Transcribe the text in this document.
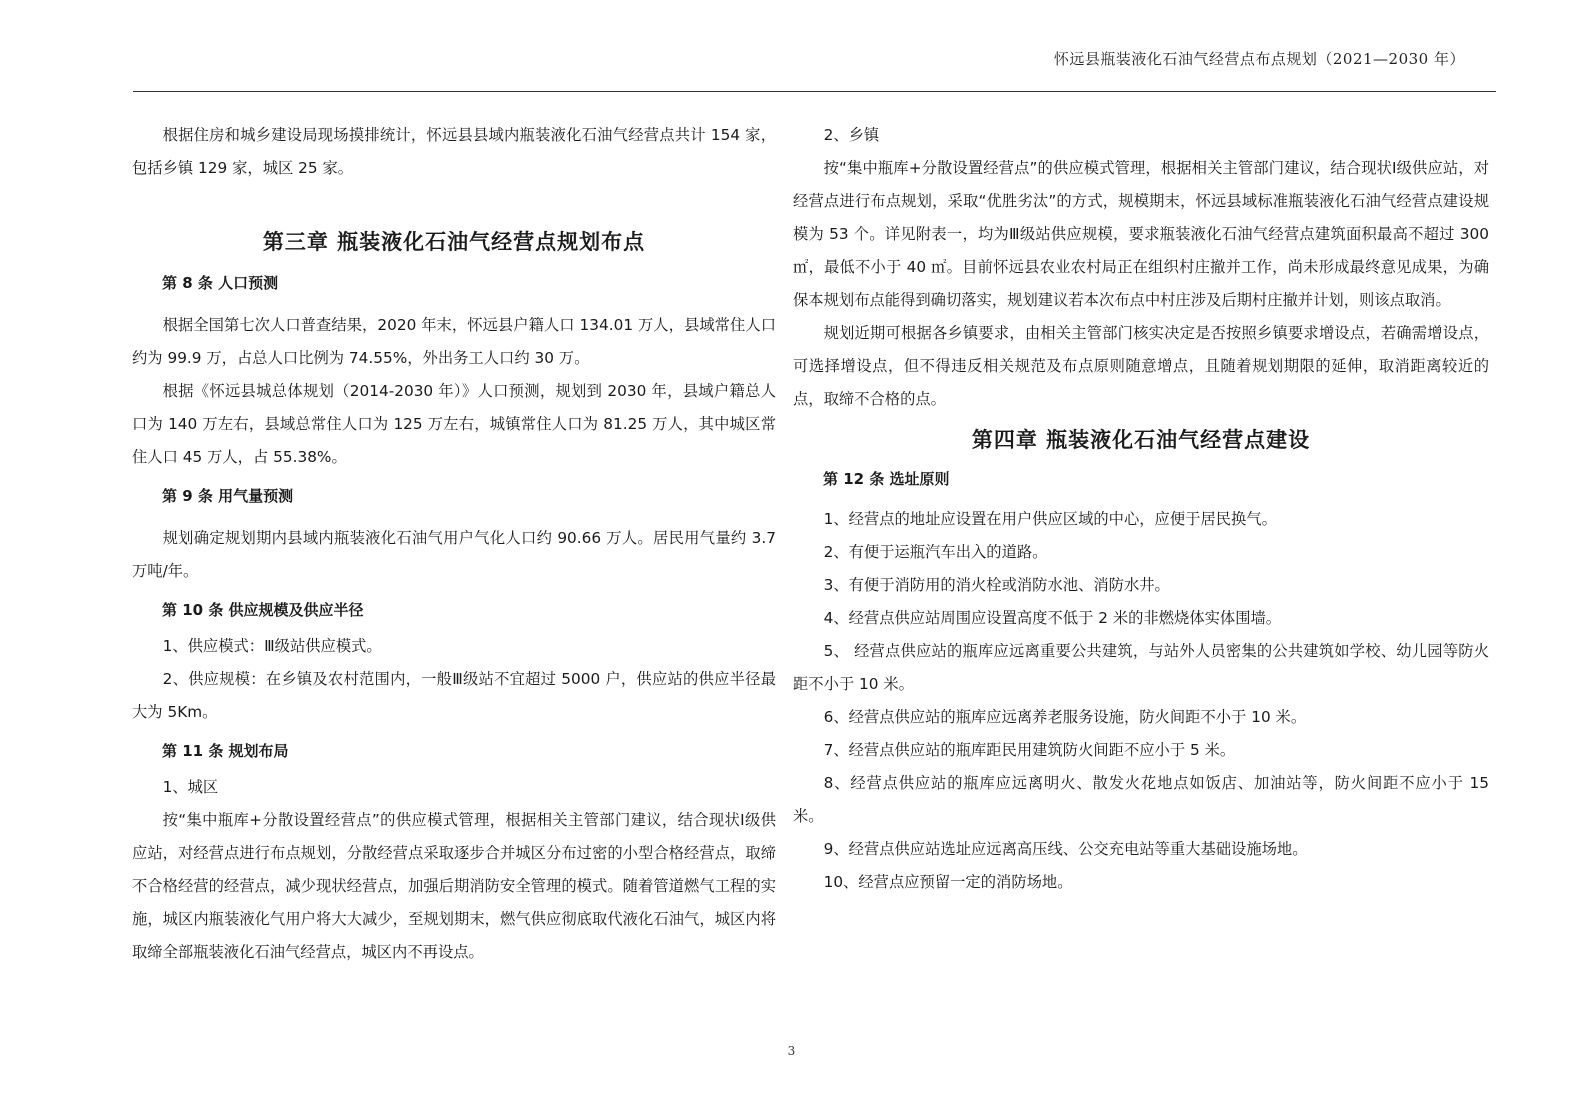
怀远县瓶装液化石油气经营点布点规划（2021—2030 年）

根据住房和城乡建设局现场摸排统计，怀远县县域内瓶装液化石油气经营点共计 154 家，包括乡镇 129 家，城区 25 家。

第三章 瓶装液化石油气经营点规划布点

第 8 条 人口预测

根据全国第七次人口普查结果，2020 年末，怀远县户籍人口 134.01 万人，县域常住人口约为 99.9 万，占总人口比例为 74.55%，外出务工人口约 30 万。

根据《怀远县城总体规划（2014-2030 年）》人口预测，规划到 2030 年，县域户籍总人口为 140 万左右，县域总常住人口为 125 万左右，城镇常住人口为 81.25 万人，其中城区常住人口 45 万人，占 55.38%。

第 9 条 用气量预测

规划确定规划期内县域内瓶装液化石油气用户气化人口约 90.66 万人。居民用气量约 3.7 万吨/年。

第 10 条 供应规模及供应半径

1、供应模式：Ⅲ级站供应模式。

2、供应规模：在乡镇及农村范围内，一般Ⅲ级站不宜超过 5000 户，供应站的供应半径最大为 5Km。

第 11 条 规划布局

1、城区

按“集中瓶库+分散设置经营点”的供应模式管理，根据相关主管部门建议，结合现状Ⅰ级供应站，对经营点进行布点规划，分散经营点采取逐步合并城区分布过密的小型合格经营点，取缔不合格经营的经营点，减少现状经营点，加强后期消防安全管理的模式。随着管道燃气工程的实施，城区内瓶装液化气用户将大大减少，至规划期末，燃气供应彻底取代液化石油气，城区内将取缔全部瓶装液化石油气经营点，城区内不再设点。

2、乡镇

按“集中瓶库+分散设置经营点”的供应模式管理，根据相关主管部门建议，结合现状Ⅰ级供应站，对经营点进行布点规划，采取“优胜劣汰”的方式，规模期末，怀远县域标准瓶装液化石油气经营点建设规模为 53 个。详见附表一，均为Ⅲ级站供应规模，要求瓶装液化石油气经营点建筑面积最高不超过 300 ㎡，最低不小于 40 ㎡。目前怀远县农业农村局正在组织村庄撤并工作，尚未形成最终意见成果，为确保本规划布点能得到确切落实，规划建议若本次布点中村庄涉及后期村庄撤并计划，则该点取消。

规划近期可根据各乡镇要求，由相关主管部门核实决定是否按照乡镇要求增设点，若确需增设点，可选择增设点，但不得违反相关规范及布点原则随意增点，且随着规划期限的延伸，取消距离较近的点，取缔不合格的点。

第四章 瓶装液化石油气经营点建设

第 12 条 选址原则

1、经营点的地址应设置在用户供应区域的中心，应便于居民换气。

2、有便于运瓶汽车出入的道路。

3、有便于消防用的消火栓或消防水池、消防水井。

4、经营点供应站周围应设置高度不低于 2 米的非燃烧体实体围墙。

5、 经营点供应站的瓶库应远离重要公共建筑，与站外人员密集的公共建筑如学校、幼儿园等防火距不小于 10 米。

6、经营点供应站的瓶库应远离养老服务设施，防火间距不小于 10 米。

7、经营点供应站的瓶库距民用建筑防火间距不应小于 5 米。

8、经营点供应站的瓶库应远离明火、散发火花地点如饭店、加油站等，防火间距不应小于 15 米。

9、经营点供应站选址应远离高压线、公交充电站等重大基础设施场地。

10、经营点应预留一定的消防场地。

3
